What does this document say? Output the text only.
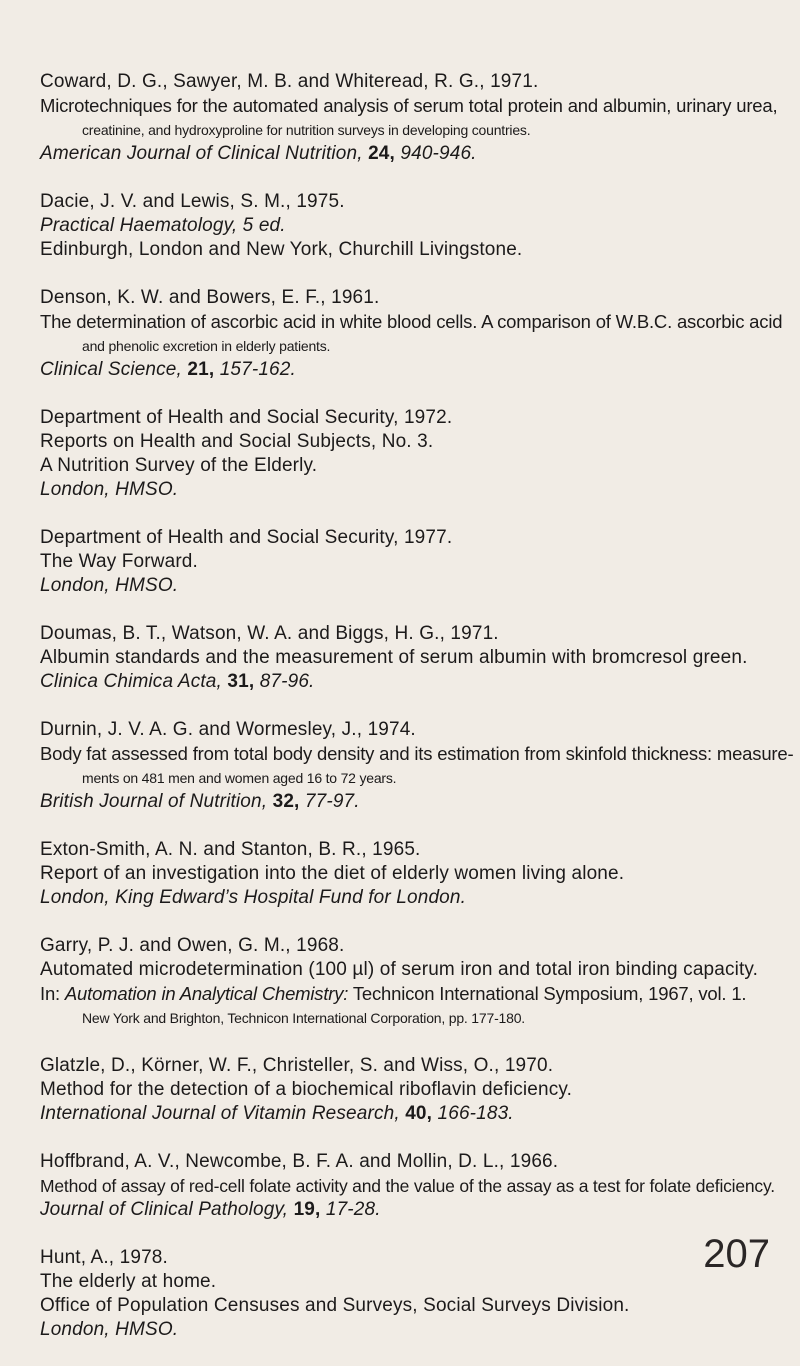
Coward, D. G., Sawyer, M. B. and Whiteread, R. G., 1971.
Microtechniques for the automated analysis of serum total protein and albumin, urinary urea,
creatinine, and hydroxyproline for nutrition surveys in developing countries.
American Journal of Clinical Nutrition, 24, 940-946.
Dacie, J. V. and Lewis, S. M., 1975.
Practical Haematology, 5 ed.
Edinburgh, London and New York, Churchill Livingstone.
Denson, K. W. and Bowers, E. F., 1961.
The determination of ascorbic acid in white blood cells. A comparison of W.B.C. ascorbic acid
and phenolic excretion in elderly patients.
Clinical Science, 21, 157-162.
Department of Health and Social Security, 1972.
Reports on Health and Social Subjects, No. 3.
A Nutrition Survey of the Elderly.
London, HMSO.
Department of Health and Social Security, 1977.
The Way Forward.
London, HMSO.
Doumas, B. T., Watson, W. A. and Biggs, H. G., 1971.
Albumin standards and the measurement of serum albumin with bromcresol green.
Clinica Chimica Acta, 31, 87-96.
Durnin, J. V. A. G. and Wormesley, J., 1974.
Body fat assessed from total body density and its estimation from skinfold thickness: measure-
ments on 481 men and women aged 16 to 72 years.
British Journal of Nutrition, 32, 77-97.
Exton-Smith, A. N. and Stanton, B. R., 1965.
Report of an investigation into the diet of elderly women living alone.
London, King Edward’s Hospital Fund for London.
Garry, P. J. and Owen, G. M., 1968.
Automated microdetermination (100 µl) of serum iron and total iron binding capacity.
In: Automation in Analytical Chemistry: Technicon International Symposium, 1967, vol. 1.
New York and Brighton, Technicon International Corporation, pp. 177-180.
Glatzle, D., Körner, W. F., Christeller, S. and Wiss, O., 1970.
Method for the detection of a biochemical riboflavin deficiency.
International Journal of Vitamin Research, 40, 166-183.
Hoffbrand, A. V., Newcombe, B. F. A. and Mollin, D. L., 1966.
Method of assay of red-cell folate activity and the value of the assay as a test for folate deficiency.
Journal of Clinical Pathology, 19, 17-28.
Hunt, A., 1978.
The elderly at home.
Office of Population Censuses and Surveys, Social Surveys Division.
London, HMSO.
207
